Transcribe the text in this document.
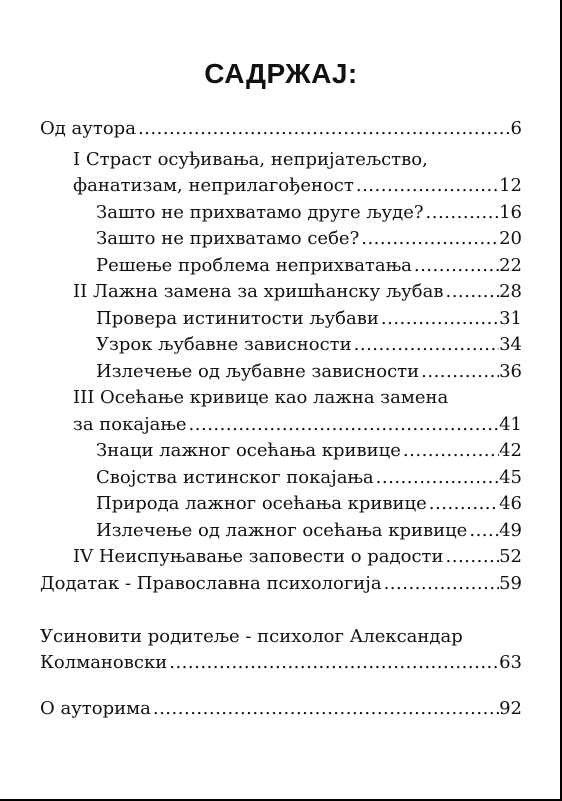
САДРЖАЈ:
Од аутора .....	6
I Страст осуђивања, непријатељство,
фанатизам, неприлагођеност .....	12
Зашто не прихватамо друге људе? .....	16
Зашто не прихватамо себе? .....	20
Решење проблема неприхватања .....	22
II Лажна замена за хришћанску љубав .....	28
Провера истинитости љубави .....	31
Узрок љубавне зависности .....	34
Излечење од љубавне зависности .....	36
III Осећање кривице као лажна замена
за покајање .....	41
Знаци лажног осећања кривице .....	42
Својства истинског покајања .....	45
Природа лажног осећања кривице .....	46
Излечење од лажног осећања кривице ..... 49
IV Неиспуњавање заповести о радости .....	52
Додатак - Православна психологија .....	59
Усиновити родитеље - психолог Александар
Колмановски .....	63
О ауторима .....	92
